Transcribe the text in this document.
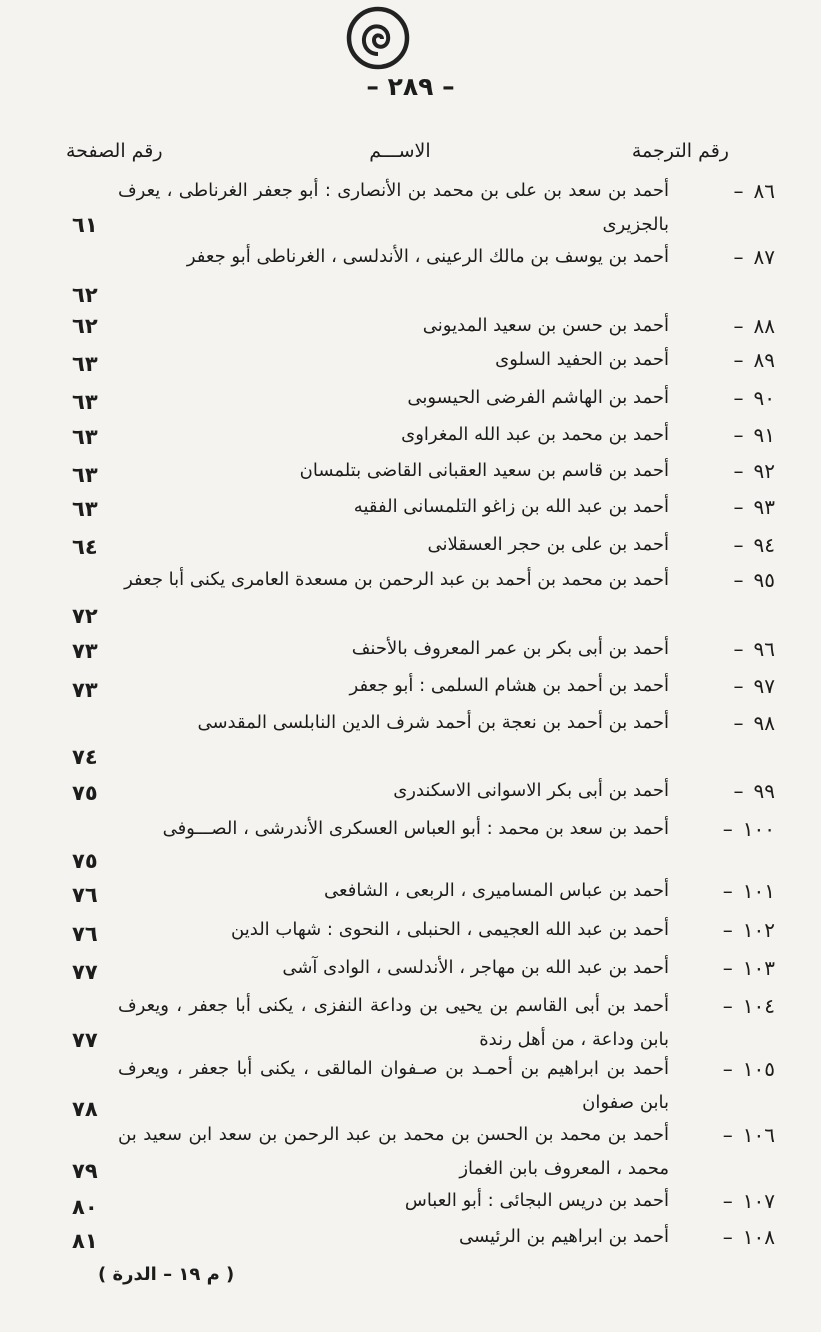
– ٢٨٩ –
رقم الترجمة
الاســـم
رقم الصفحة
٨٦–
أحمد بن سعد بن على بن محمد بن الأنصارى : أبو جعفر الغرناطى ، يعرف بالجزيرى
٦١
٨٧–
أحمد بن يوسف بن مالك الرعينى ، الأندلسى ، الغرناطى أبو جعفر
٦٢
٨٨–
أحمد بن حسن بن سعيد المديونى
٦٢
٨٩–
أحمد بن الحفيد السلوى
٦٣
٩٠–
أحمد بن الهاشم الفرضى الحيسوبى
٦٣
٩١–
أحمد بن محمد بن عبد الله المغراوى
٦٣
٩٢–
أحمد بن قاسم بن سعيد العقبانى القاضى بتلمسان
٦٣
٩٣–
أحمد بن عبد الله بن زاغو التلمسانى الفقيه
٦٣
٩٤–
أحمد بن على بن حجر العسقلانى
٦٤
٩٥–
أحمد بن محمد بن أحمد بن عبد الرحمن بن مسعدة العامرى يكنى أبا جعفر
٧٢
٩٦–
أحمد بن أبى بكر بن عمر المعروف بالأحنف
٧٣
٩٧–
أحمد بن أحمد بن هشام السلمى : أبو جعفر
٧٣
٩٨–
أحمد بن أحمد بن نعجة بن أحمد شرف الدين النابلسى المقدسى
٧٤
٩٩–
أحمد بن أبى بكر الاسوانى الاسكندرى
٧٥
١٠٠–
أحمد بن سعد بن محمد : أبو العباس العسكرى الأندرشى ، الصـــوفى
٧٥
١٠١–
أحمد بن عباس المساميرى ، الربعى ، الشافعى
٧٦
١٠٢–
أحمد بن عبد الله العجيمى ، الحنبلى ، النحوى : شهاب الدين
٧٦
١٠٣–
أحمد بن عبد الله بن مهاجر ، الأندلسى ، الوادى آشى
٧٧
١٠٤–
أحمد بن أبى القاسم بن يحيى بن وداعة النفزى ، يكنى أبا جعفر ، ويعرف بابن وداعة ، من أهل رندة
٧٧
١٠٥–
أحمد بن ابراهيم بن أحمـد بن صـفوان المالقى ، يكنى أبا جعفر ، ويعرف بابن صفوان
٧٨
١٠٦–
أحمد بن محمد بن الحسن بن محمد بن عبد الرحمن بن سعد ابن سعيد بن محمد ، المعروف بابن الغماز
٧٩
١٠٧–
أحمد بن دريس البجائى : أبو العباس
٨٠
١٠٨–
أحمد بن ابراهيم بن الرئيسى
٨١
( م ١٩ – الدرة )
